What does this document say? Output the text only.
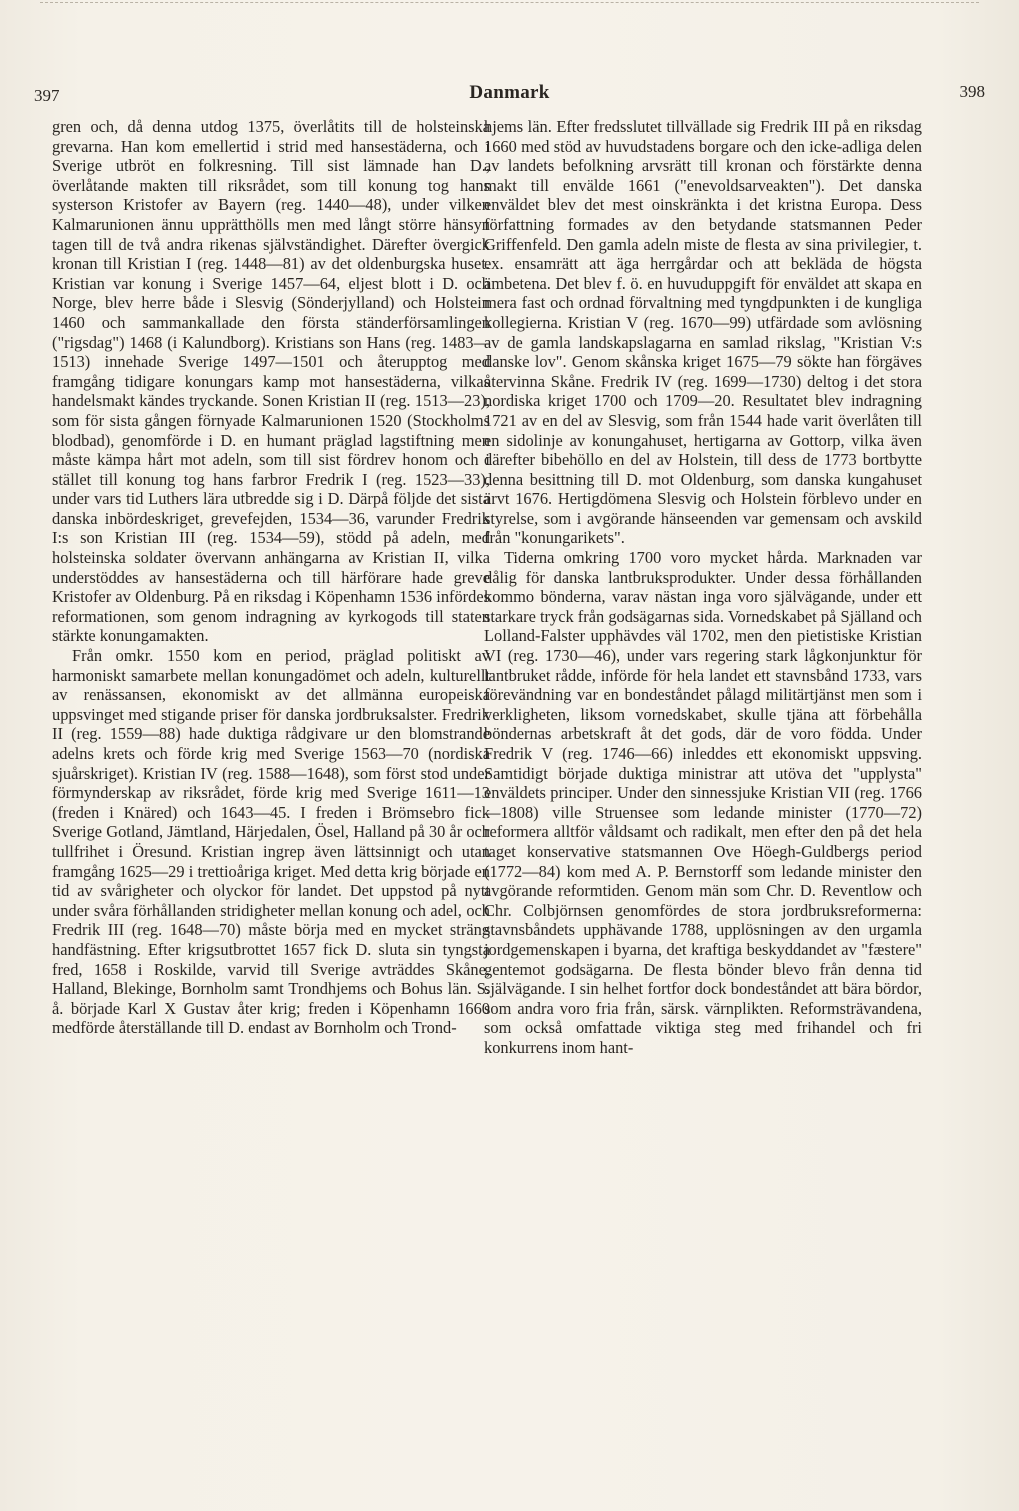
397	Danmark	398

gren och, då denna utdog 1375, överlåtits till de holsteinska grevarna. Han kom emellertid i strid med hansestäderna, och i Sverige utbröt en folkresning. Till sist lämnade han D., överlåtande makten till riksrådet, som till konung tog hans systerson Kristofer av Bayern (reg. 1440—48), under vilken Kalmarunionen ännu upprätthölls men med långt större hänsyn tagen till de två andra rikenas självständighet. Därefter övergick kronan till Kristian I (reg. 1448—81) av det oldenburgska huset. Kristian var konung i Sverige 1457—64, eljest blott i D. och Norge, blev herre både i Slesvig (Sönderjylland) och Holstein 1460 och sammankallade den första ständerförsamlingen ("rigsdag") 1468 (i Kalundborg). Kristians son Hans (reg. 1483—1513) innehade Sverige 1497—1501 och återupptog med framgång tidigare konungars kamp mot hansestäderna, vilkas handelsmakt kändes tryckande. Sonen Kristian II (reg. 1513—23), som för sista gången förnyade Kalmarunionen 1520 (Stockholms blodbad), genomförde i D. en humant präglad lagstiftning men måste kämpa hårt mot adeln, som till sist fördrev honom och i stället till konung tog hans farbror Fredrik I (reg. 1523—33), under vars tid Luthers lära utbredde sig i D. Därpå följde det sista danska inbördeskriget, grevefejden, 1534—36, varunder Fredrik I:s son Kristian III (reg. 1534—59), stödd på adeln, med holsteinska soldater övervann anhängarna av Kristian II, vilka understöddes av hansestäderna och till härförare hade greve Kristofer av Oldenburg. På en riksdag i Köpenhamn 1536 infördes reformationen, som genom indragning av kyrkogods till staten stärkte konungamakten.

Från omkr. 1550 kom en period, präglad politiskt av harmoniskt samarbete mellan konungadömet och adeln, kulturellt av renässansen, ekonomiskt av det allmänna europeiska uppsvinget med stigande priser för danska jordbruksalster. Fredrik II (reg. 1559—88) hade duktiga rådgivare ur den blomstrande adelns krets och förde krig med Sverige 1563—70 (nordiska sjuårskriget). Kristian IV (reg. 1588—1648), som först stod under förmynderskap av riksrådet, förde krig med Sverige 1611—13 (freden i Knäred) och 1643—45. I freden i Brömsebro fick Sverige Gotland, Jämtland, Härjedalen, Ösel, Halland på 30 år och tullfrihet i Öresund. Kristian ingrep även lättsinnigt och utan framgång 1625—29 i trettioåriga kriget. Med detta krig började en tid av svårigheter och olyckor för landet. Det uppstod på nytt under svåra förhållanden stridigheter mellan konung och adel, och Fredrik III (reg. 1648—70) måste börja med en mycket sträng handfästning. Efter krigsutbrottet 1657 fick D. sluta sin tyngsta fred, 1658 i Roskilde, varvid till Sverige avträddes Skåne, Halland, Blekinge, Bornholm samt Trondhjems och Bohus län. S. å. började Karl X Gustav åter krig; freden i Köpenhamn 1660 medförde återställande till D. endast av Bornholm och Trond-

hjems län. Efter fredsslutet tillvällade sig Fredrik III på en riksdag 1660 med stöd av huvudstadens borgare och den icke-adliga delen av landets befolkning arvsrätt till kronan och förstärkte denna makt till envälde 1661 ("enevoldsarveakten"). Det danska enväldet blev det mest oinskränkta i det kristna Europa. Dess författning formades av den betydande statsmannen Peder Griffenfeld. Den gamla adeln miste de flesta av sina privilegier, t. ex. ensamrätt att äga herrgårdar och att bekläda de högsta ämbetena. Det blev f. ö. en huvuduppgift för enväldet att skapa en mera fast och ordnad förvaltning med tyngdpunkten i de kungliga kollegierna. Kristian V (reg. 1670—99) utfärdade som avlösning av de gamla landskapslagarna en samlad rikslag, "Kristian V:s danske lov". Genom skånska kriget 1675—79 sökte han förgäves återvinna Skåne. Fredrik IV (reg. 1699—1730) deltog i det stora nordiska kriget 1700 och 1709—20. Resultatet blev indragning 1721 av en del av Slesvig, som från 1544 hade varit överlåten till en sidolinje av konungahuset, hertigarna av Gottorp, vilka även därefter bibehöllo en del av Holstein, till dess de 1773 bortbytte denna besittning till D. mot Oldenburg, som danska kungahuset ärvt 1676. Hertigdömena Slesvig och Holstein förblevo under en styrelse, som i avgörande hänseenden var gemensam och avskild från "konungarikets".

Tiderna omkring 1700 voro mycket hårda. Marknaden var dålig för danska lantbruksprodukter. Under dessa förhållanden kommo bönderna, varav nästan inga voro självägande, under ett starkare tryck från godsägarnas sida. Vornedskabet på Själland och Lolland-Falster upphävdes väl 1702, men den pietistiske Kristian VI (reg. 1730—46), under vars regering stark lågkonjunktur för lantbruket rådde, införde för hela landet ett stavnsbånd 1733, vars förevändning var en bondeståndet pålagd militärtjänst men som i verkligheten, liksom vornedskabet, skulle tjäna att förbehålla böndernas arbetskraft åt det gods, där de voro födda. Under Fredrik V (reg. 1746—66) inleddes ett ekonomiskt uppsving. Samtidigt började duktiga ministrar att utöva det "upplysta" enväldets principer. Under den sinnessjuke Kristian VII (reg. 1766—1808) ville Struensee som ledande minister (1770—72) reformera alltför våldsamt och radikalt, men efter den på det hela taget konservative statsmannen Ove Höegh-Guldbergs period (1772—84) kom med A. P. Bernstorff som ledande minister den avgörande reformtiden. Genom män som Chr. D. Reventlow och Chr. Colbjörnsen genomfördes de stora jordbruksreformerna: stavnsbåndets upphävande 1788, upplösningen av den urgamla jordgemenskapen i byarna, det kraftiga beskyddandet av "fæstere" gentemot godsägarna. De flesta bönder blevo från denna tid självägande. I sin helhet fortfor dock bondeståndet att bära bördor, som andra voro fria från, särsk. värnplikten. Reformsträvandena, som också omfattade viktiga steg med frihandel och fri konkurrens inom hant-
